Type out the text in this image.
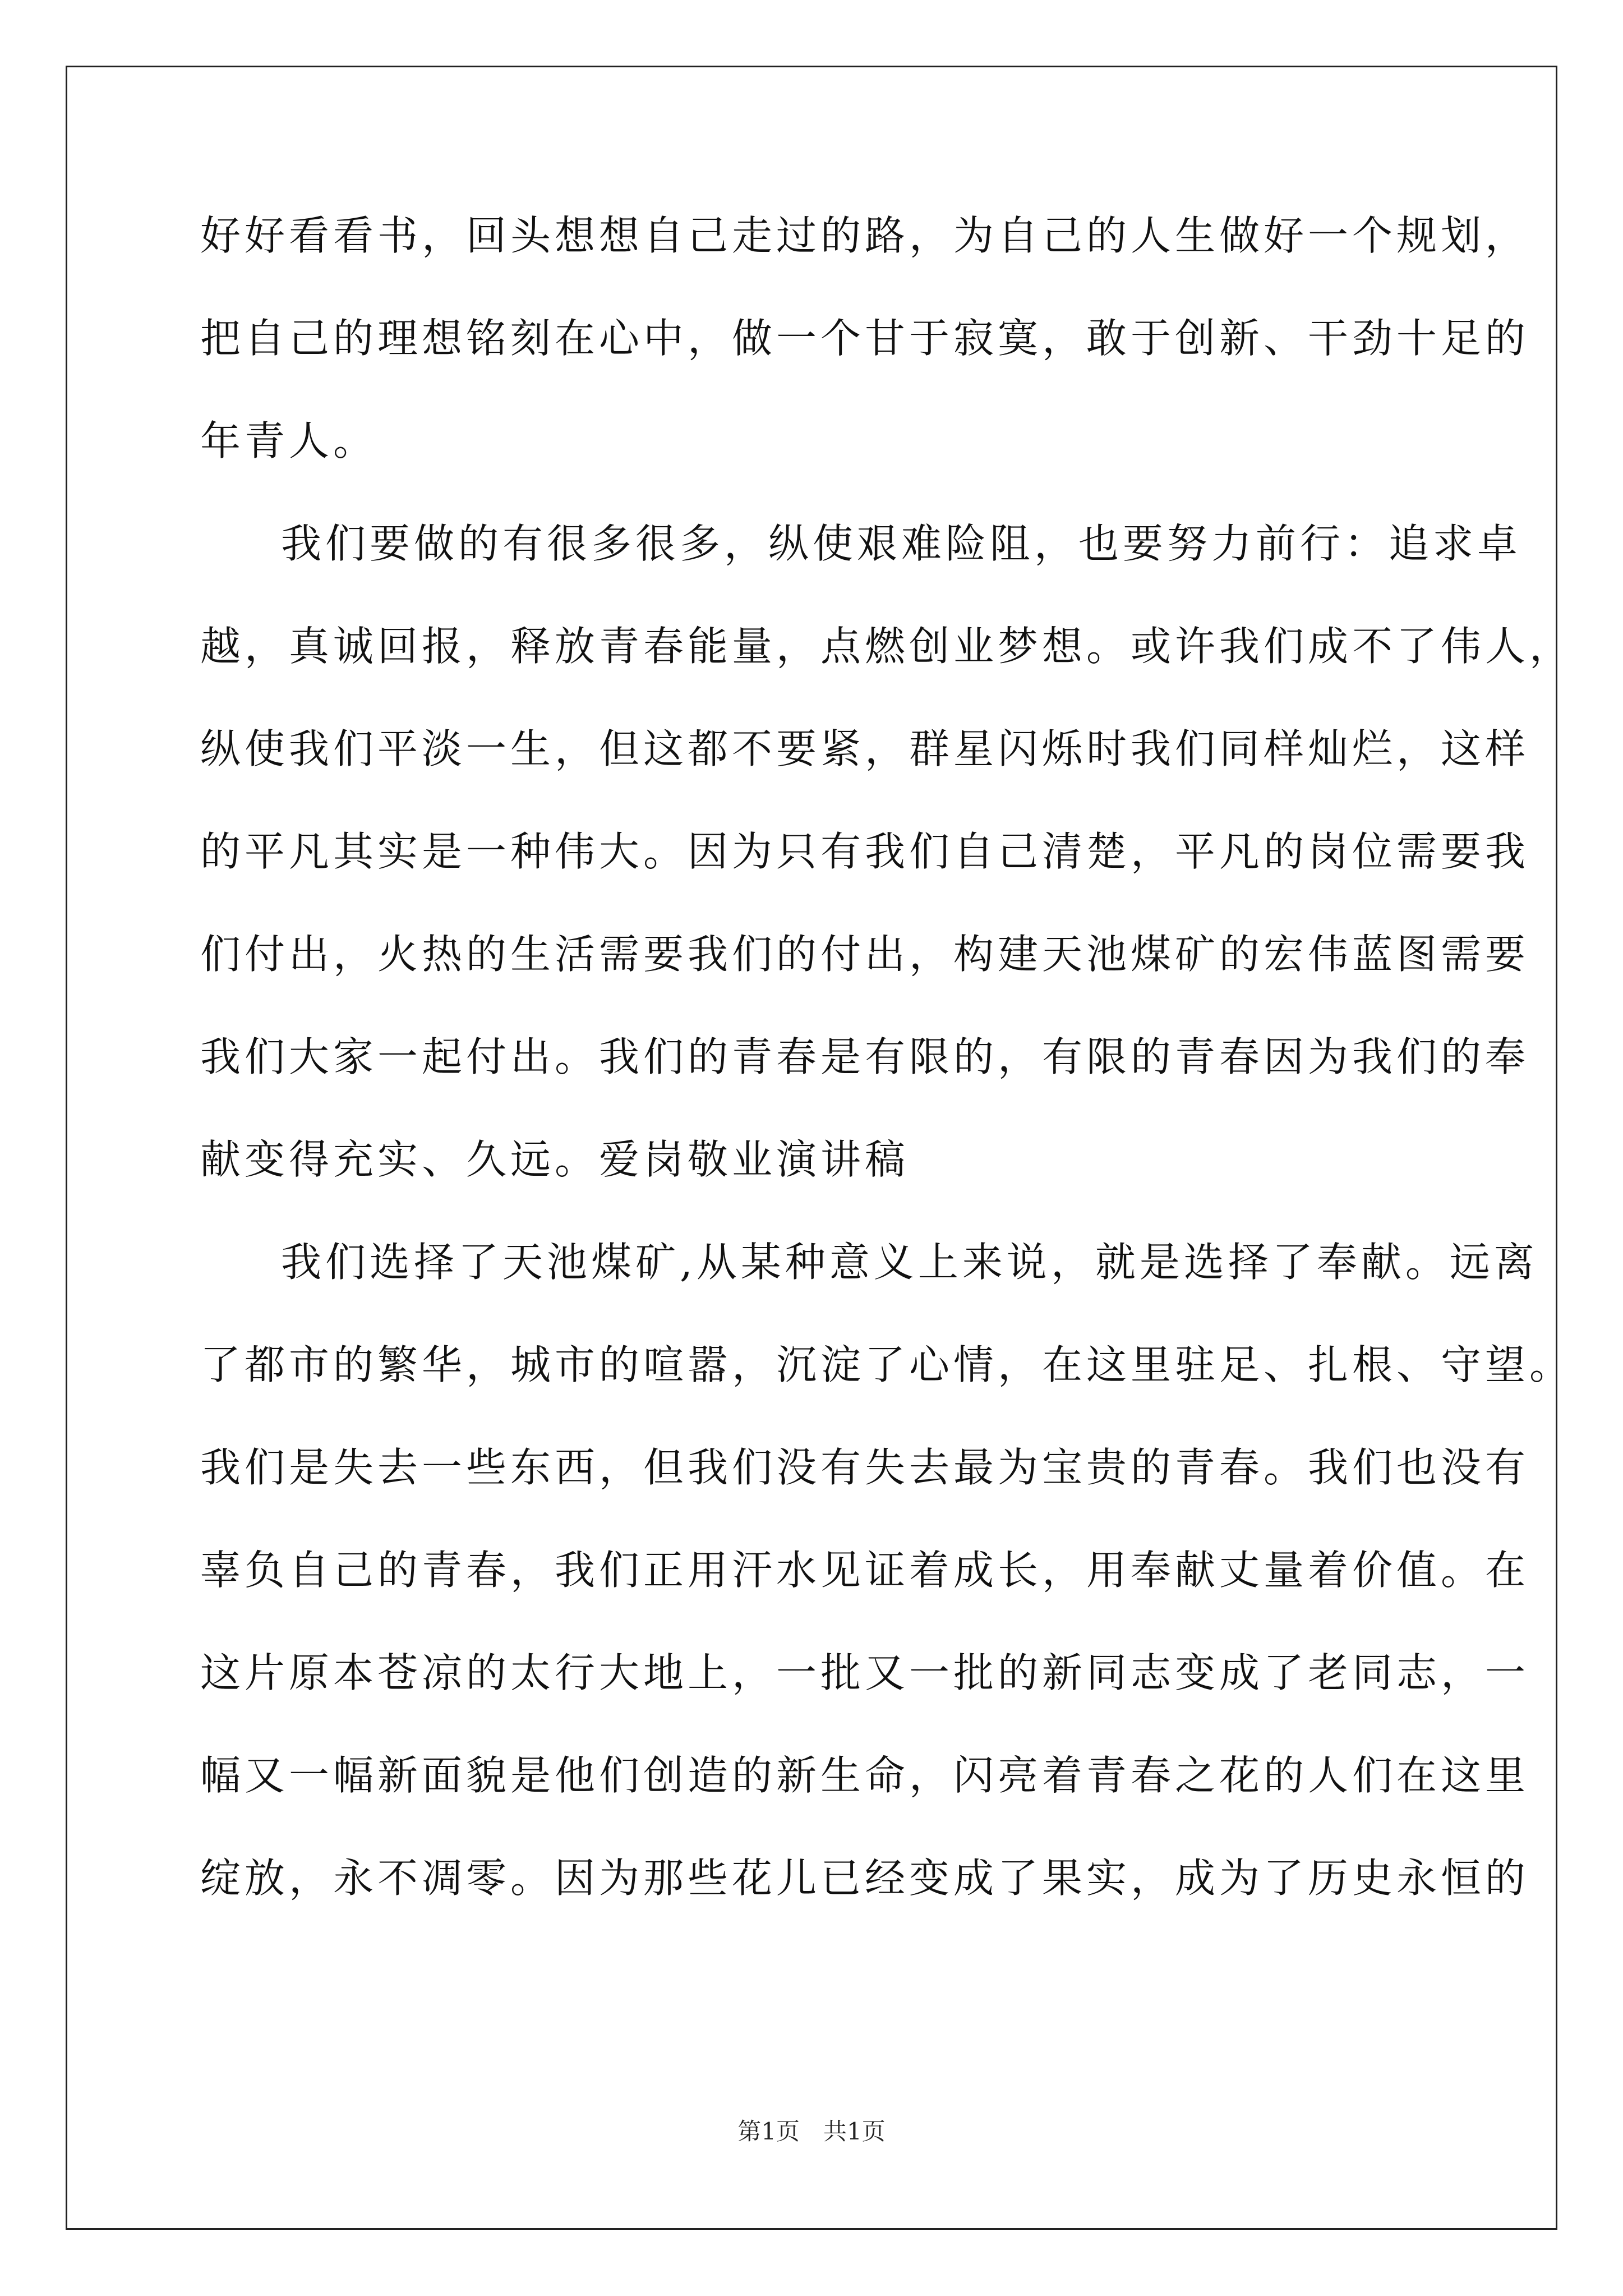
好好看看书，回头想想自己走过的路，为自己的人生做好一个规划，
把自己的理想铭刻在心中，做一个甘于寂寞，敢于创新、干劲十足的
年青人。
我们要做的有很多很多，纵使艰难险阻，也要努力前行：追求卓
越，真诚回报，释放青春能量，点燃创业梦想。或许我们成不了伟人，
纵使我们平淡一生，但这都不要紧，群星闪烁时我们同样灿烂，这样
的平凡其实是一种伟大。因为只有我们自己清楚，平凡的岗位需要我
们付出，火热的生活需要我们的付出，构建天池煤矿的宏伟蓝图需要
我们大家一起付出。我们的青春是有限的，有限的青春因为我们的奉
献变得充实、久远。爱岗敬业演讲稿
我们选择了天池煤矿,从某种意义上来说，就是选择了奉献。远离
了都市的繁华，城市的喧嚣，沉淀了心情，在这里驻足、扎根、守望。
我们是失去一些东西，但我们没有失去最为宝贵的青春。我们也没有
辜负自己的青春，我们正用汗水见证着成长，用奉献丈量着价值。在
这片原本苍凉的太行大地上，一批又一批的新同志变成了老同志，一
幅又一幅新面貌是他们创造的新生命，闪亮着青春之花的人们在这里
绽放，永不凋零。因为那些花儿已经变成了果实，成为了历史永恒的
第1页　共1页
